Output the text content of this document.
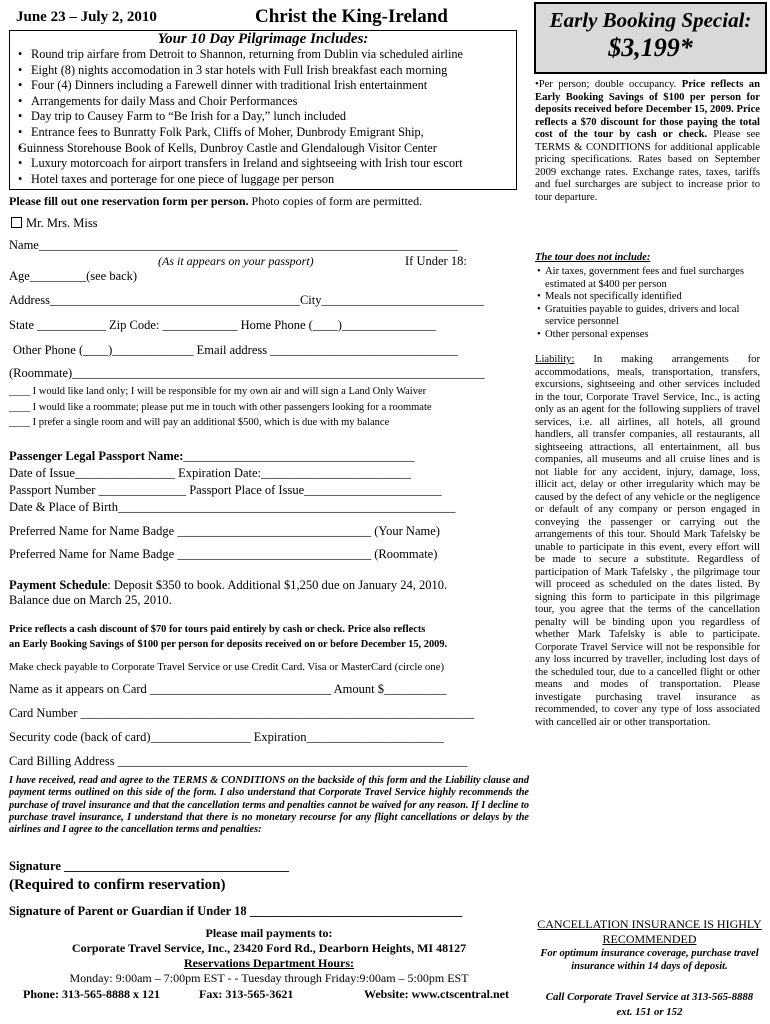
June 23 – July 2, 2010	Christ the King-Ireland
Your 10 Day Pilgrimage Includes:
• Round trip airfare from Detroit to Shannon, returning from Dublin via scheduled airline
• Eight (8) nights accomodation in 3 star hotels with Full Irish breakfast each morning
• Four (4) Dinners including a Farewell dinner with traditional Irish entertainment
• Arrangements for daily Mass and Choir Performances
• Day trip to Causey Farm to “Be Irish for a Day,” lunch included
• Entrance fees to Bunratty Folk Park, Cliffs of Moher, Dunbrody Emigrant Ship,
• Guinness Storehouse Book of Kells, Dunbroy Castle and Glendalough Visitor Center
• Luxury motorcoach for airport transfers in Ireland and sightseeing with Irish tour escort
• Hotel taxes and porterage for one piece of luggage per person
Please fill out one reservation form per person. Photo copies of form are permitted.
Mr. Mrs. Miss
Name___________________________________________________________________
(As it appears on your passport)	If Under 18:
Age_________(see back)
Address________________________________________City__________________________
State ___________ Zip Code: ____________ Home Phone (____)_______________
Other Phone (____)_____________ Email address ______________________________
(Roommate)__________________________________________________________________
____ I would like land only; I will be responsible for my own air and will sign a Land Only Waiver
____ I would like a roommate; please put me in touch with other passengers looking for a roommate
____ I prefer a single room and will pay an additional $500, which is due with my balance
Passenger Legal Passport Name:_____________________________________
Date of Issue________________ Expiration Date:________________________
Passport Number ______________ Passport Place of Issue______________________
Date & Place of Birth______________________________________________________
Preferred Name for Name Badge _______________________________ (Your Name)
Preferred Name for Name Badge _______________________________ (Roommate)
Payment Schedule: Deposit $350 to book. Additional $1,250 due on January 24, 2010.
Balance due on March 25, 2010.
Price reflects a cash discount of $70 for tours paid entirely by cash or check. Price also reflects
an Early Booking Savings of $100 per person for deposits received on or before December 15, 2009.
Make check payable to Corporate Travel Service or use Credit Card. Visa or MasterCard (circle one)
Name as it appears on Card _____________________________ Amount $__________
Card Number _______________________________________________________________
Security code (back of card)________________ Expiration______________________
Card Billing Address ________________________________________________________
I have received, read and agree to the TERMS & CONDITIONS on the backside of this form and the Liability clause and payment terms outlined on this side of the form. I also understand that Corporate Travel Service highly recommends the purchase of travel insurance and that the cancellation terms and penalties cannot be waived for any reason. If I decline to purchase travel insurance, I understand that there is no monetary recourse for any flight cancellations or delays by the airlines and I agree to the cancellation terms and penalties:
Signature ____________________________________
(Required to confirm reservation)
Signature of Parent or Guardian if Under 18 __________________________________
Please mail payments to:
Corporate Travel Service, Inc., 23420 Ford Rd., Dearborn Heights, MI 48127
Reservations Department Hours:
Monday: 9:00am – 7:00pm EST - - Tuesday through Friday:9:00am – 5:00pm EST
Phone: 313-565-8888 x 121	Fax: 313-565-3621	Website: www.ctscentral.net
Early Booking Special:
$3,199*
•Per person; double occupancy. Price reflects an Early Booking Savings of $100 per person for deposits received before December 15, 2009. Price reflects a $70 discount for those paying the total cost of the tour by cash or check. Please see TERMS & CONDITIONS for additional applicable pricing specifications. Rates based on September 2009 exchange rates. Exchange rates, taxes, tariffs and fuel surcharges are subject to increase prior to tour departure.
The tour does not include:
• Air taxes, government fees and fuel surcharges estimated at $400 per person
• Meals not specifically identified
• Gratuities payable to guides, drivers and local service personnel
• Other personal expenses
Liability: In making arrangements for accommodations, meals, transportation, transfers, excursions, sightseeing and other services included in the tour, Corporate Travel Service, Inc., is acting only as an agent for the following suppliers of travel services, i.e. all airlines, all hotels, all ground handlers, all transfer companies, all restaurants, all sightseeing attractions, all entertainment, all bus companies, all museums and all cruise lines and is not liable for any accident, injury, damage, loss, illicit act, delay or other irregularity which may be caused by the defect of any vehicle or the negligence or default of any company or person engaged in conveying the passenger or carrying out the arrangements of this tour. Should Mark Tafelsky be unable to participate in this event, every effort will be made to secure a substitute. Regardless of participation of Mark Tafelsky , the pilgrimage tour will proceed as scheduled on the dates listed. By signing this form to participate in this pilgrimage tour, you agree that the terms of the cancellation penalty will be binding upon you regardless of whether Mark Tafelsky is able to participate. Corporate Travel Service will not be responsible for any loss incurred by traveller, including lost days of the scheduled tour, due to a cancelled flight or other means and modes of transportation. Please investigate purchasing travel insurance as recommended, to cover any type of loss associated with cancelled air or other transportation.
CANCELLATION INSURANCE IS HIGHLY RECOMMENDED
For optimum insurance coverage, purchase travel insurance within 14 days of deposit.
Call Corporate Travel Service at 313-565-8888 ext. 151 or 152
